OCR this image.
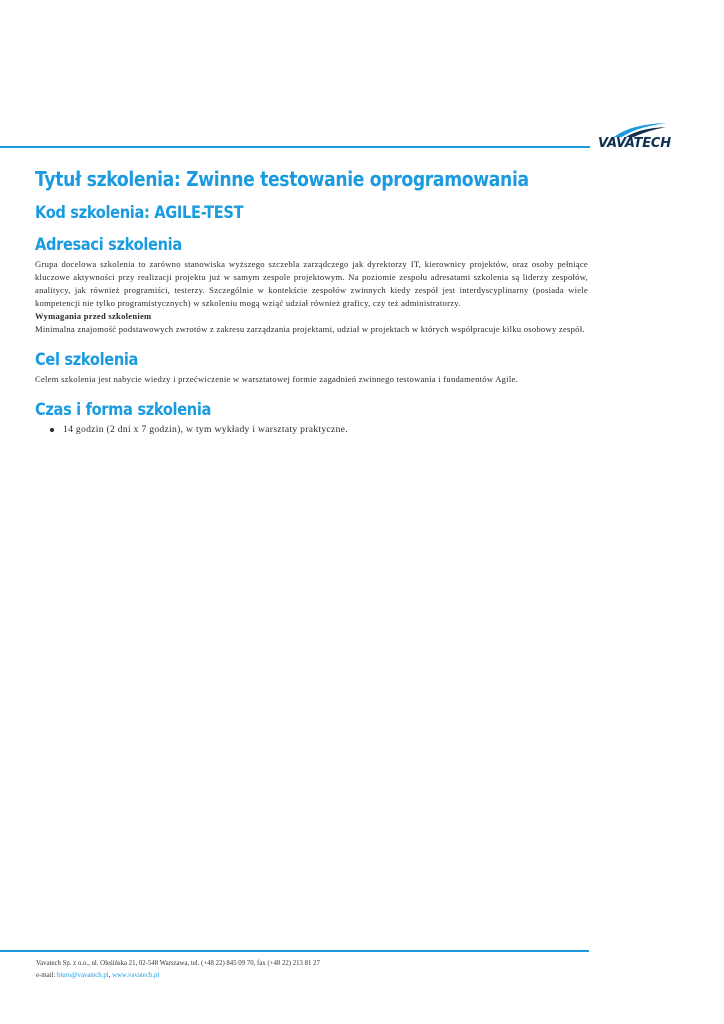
VAVATECH
Tytuł szkolenia: Zwinne testowanie oprogramowania
Kod szkolenia: AGILE-TEST
Adresaci szkolenia

Grupa docelowa szkolenia to zarówno stanowiska wyższego szczebla zarządczego jak dyrektorzy IT, kierownicy projektów, oraz osoby pełniące kluczowe aktywności przy realizacji projektu już w samym zespole projektowym. Na poziomie zespołu adresatami szkolenia są liderzy zespołów, analitycy, jak również programiści, testerzy. Szczególnie w kontekście zespołów zwinnych kiedy zespół jest interdyscyplinarny (posiada wiele kompetencji nie tylko programistycznych) w szkoleniu mogą wziąć udział również graficy, czy też administratorzy.

Wymagania przed szkoleniem

Minimalna znajomość podstawowych zwrotów z zakresu zarządzania projektami, udział w projektach w których współpracuje kilku osobowy zespół.

Cel szkolenia

Celem szkolenia jest nabycie wiedzy i przećwiczenie w warsztatowej formie zagadnień zwinnego testowania i fundamentów Agile.

Czas i forma szkolenia
14 godzin (2 dni x 7 godzin), w tym wykłady i warsztaty praktyczne.
Vavatech Sp. z o.o., ul. Oleśińska 21, 02-548 Warszawa, tel. (+48 22) 845 09 70, fax (+48 22) 213 81 27
e-mail: biuro@vavatech.pl, www.vavatech.pl
